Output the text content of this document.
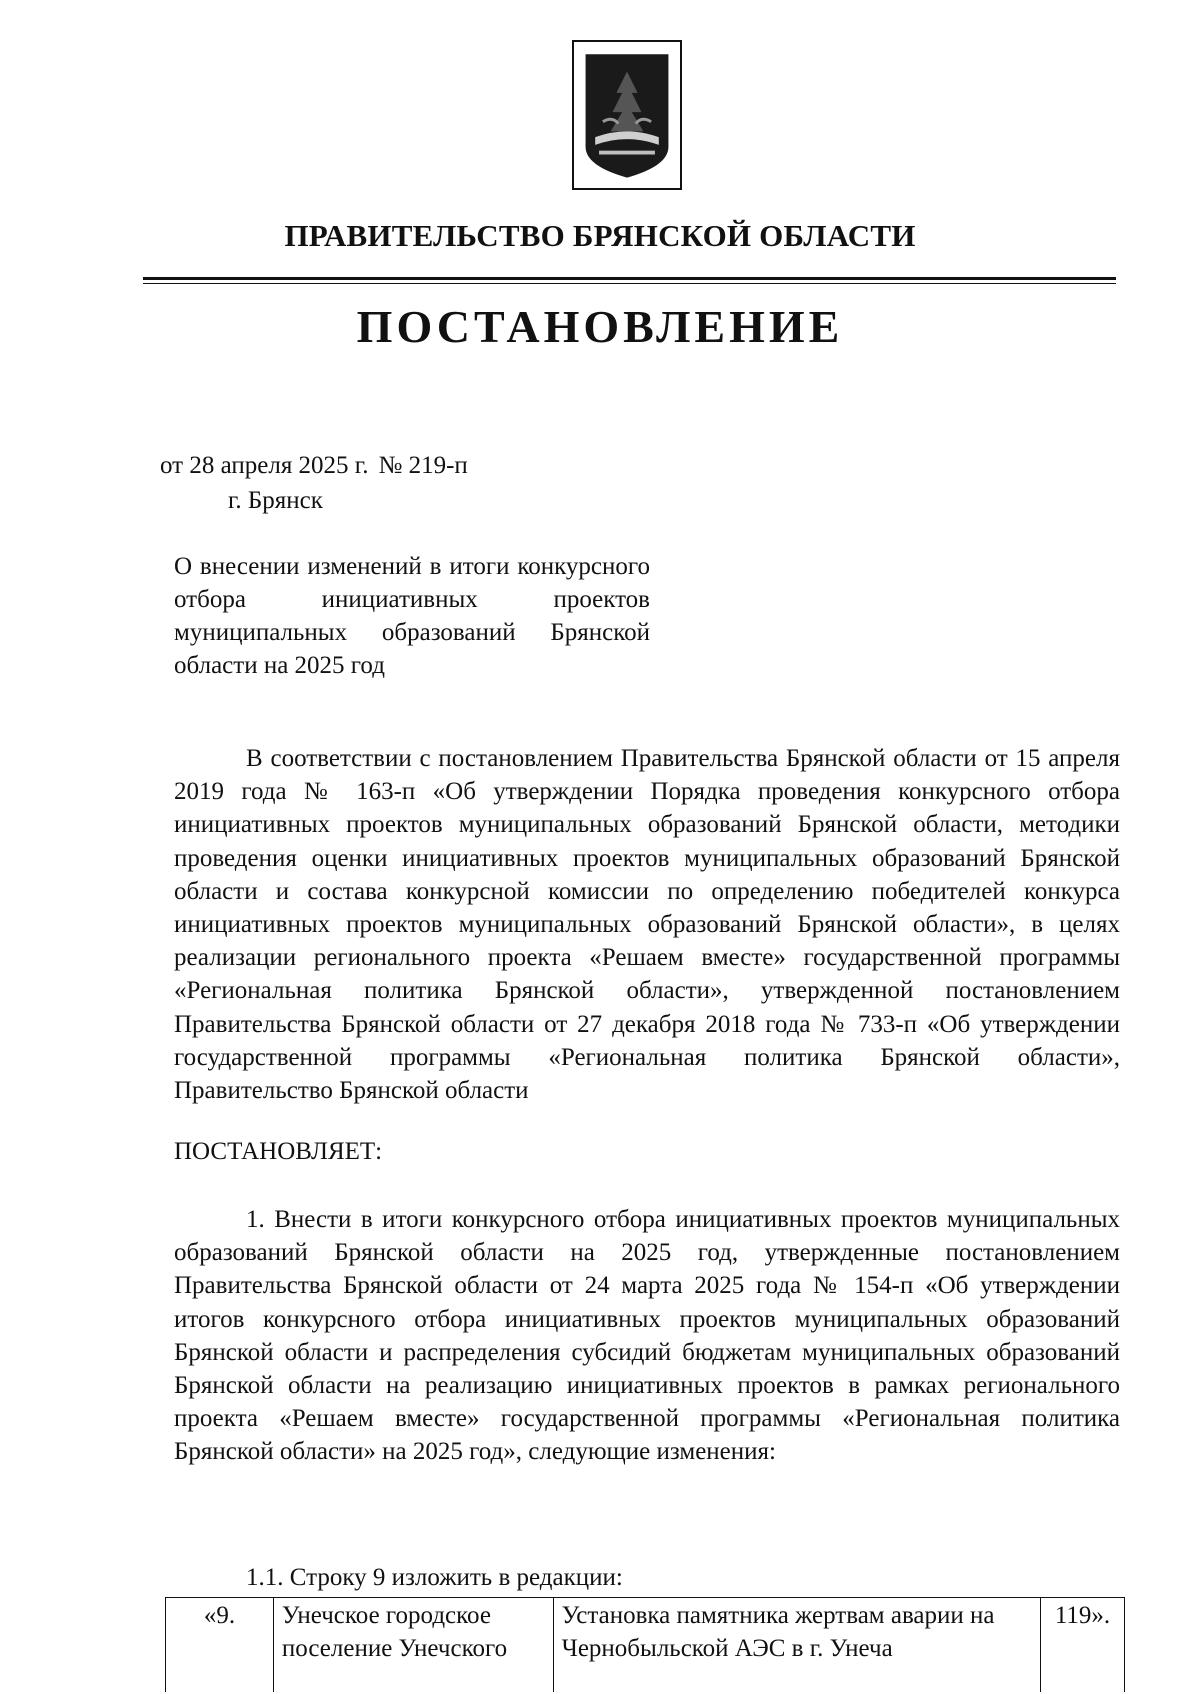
ПРАВИТЕЛЬСТВО БРЯНСКОЙ ОБЛАСТИ
ПОСТАНОВЛЕНИЕ
от 28 апреля 2025 г. № 219-п
г. Брянск
О внесении изменений в итоги конкурсного отбора инициативных проектов муниципальных образований Брянской области на 2025 год

В соответствии с постановлением Правительства Брянской области от 15 апреля 2019 года № 163-п «Об утверждении Порядка проведения конкурсного отбора инициативных проектов муниципальных образований Брянской области, методики проведения оценки инициативных проектов муниципальных образований Брянской области и состава конкурсной комиссии по определению победителей конкурса инициативных проектов муниципальных образований Брянской области», в целях реализации регионального проекта «Решаем вместе» государственной программы «Региональная политика Брянской области», утвержденной постановлением Правительства Брянской области от 27 декабря 2018 года № 733-п «Об утверждении государственной программы «Региональная политика Брянской области», Правительство Брянской области

ПОСТАНОВЛЯЕТ:

1. Внести в итоги конкурсного отбора инициативных проектов муниципальных образований Брянской области на 2025 год, утвержденные постановлением Правительства Брянской области от 24 марта 2025 года № 154-п «Об утверждении итогов конкурсного отбора инициативных проектов муниципальных образований Брянской области и распределения субсидий бюджетам муниципальных образований Брянской области на реализацию инициативных проектов в рамках регионального проекта «Решаем вместе» государственной программы «Региональная политика Брянской области» на 2025 год», следующие изменения:

1.1. Строку 9 изложить в редакции:
«9.	Унечское городское поселение Унечского	Установка памятника жертвам аварии на Чернобыльской АЭС в г. Унеча	119».
